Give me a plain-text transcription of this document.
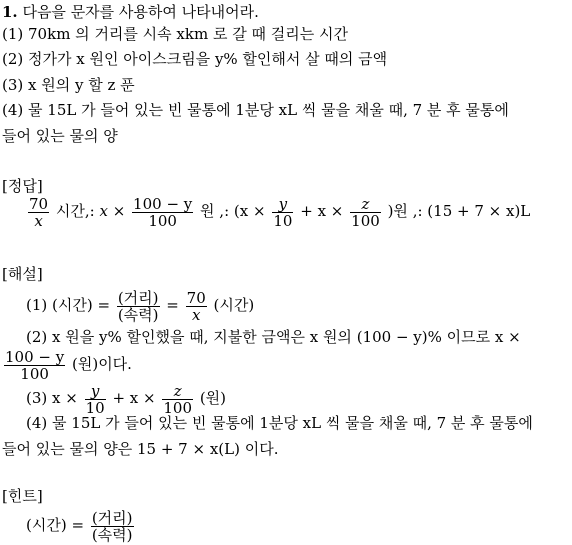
1. 다음을 문자를 사용하여 나타내어라.
(1) 70km 의 거리를 시속 xkm 로 갈 때 걸리는 시간
(2) 정가가 x 원인 아이스크림을 y% 할인해서 살 때의 금액
(3) x 원의 y 할 z 푼
(4) 물 15L 가 들어 있는 빈 물통에 1분당 xL 씩 물을 채울 때, 7 분 후 물통에
들어 있는 물의 양
[정답]
$\frac{70}{x}$ 시간,: $x \times \frac{100 - y}{100}$ 원 ,: ($x \times \frac{y}{10} + x \times \frac{z}{100}$ )원 ,: (15 + 7 × x)L
[해설]
(1) (시간) = $\frac{\text{(거리)}}{\text{(속력)}} = \frac{70}{x}$ (시간)
(2) x 원을 y% 할인했을 때, 지불한 금액은 x 원의 (100 − y)% 이므로 x ×
$\frac{100 - y}{100}$ (원)이다.
(3) $x \times \frac{y}{10} + x \times \frac{z}{100}$ (원)
(4) 물 15L 가 들어 있는 빈 물통에 1분당 xL 씩 물을 채울 때, 7 분 후 물통에
들어 있는 물의 양은 15 + 7 × x(L) 이다.
[힌트]
(시간) = $\frac{\text{(거리)}}{\text{(속력)}}$
